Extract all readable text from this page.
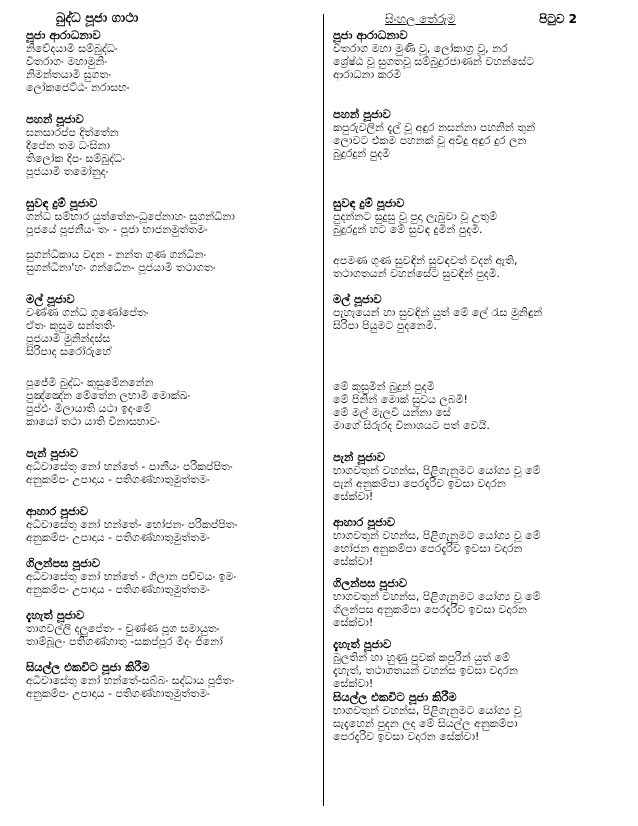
බුද්ධ පූජා ගාථා
පූජා ආරාධනාව
නිවේදයාමි සම්බුද්ධං
විතරාගං මහාමුනිං
නිමන්තයාමි සුගතං
ලෝකජෙට්ඨං නරාසභං
පහන් පූජාව
ඝනසාරප්ප දිත්තේන
දීපේන තම ධංසිනා
තිලෝක දීපං සම්බුද්ධං
පූජයාමි තමෝනුදං
සුවඳ දුම් පූජාව
ගන්ධ සම්භාර යුත්තේන-ධූපේනාහං සුගන්ධිනා
පූජයේ පූජනීයං තං - පූජා භාජනමුත්තමං
සුගන්ධිකාය වදන - නන්ත ගුණ ගන්ධිනං
සුගන්ධිනා'හං ගන්ධේන- පූජයාමි තථාගතං
මල් පූජාව
වණ්ණ ගන්ධ ගුණෝපේතං
ඒතං කුසුම සන්තතිං
පූජයාමි මුනින්දස්ස
සිරිපාද සරෝරුහේ
පූජේමි බුද්ධං කුසුමේනනේන
පුඤ්ඤේන මේතේන ලභාමි මොක්ඛං
පුප්ඵං මිලායාති යථා ඉදංමේ
කායෝ තථා යාති විනාසභාවං
පැන් පූජාව
අධිවාසේතු නෝ භන්තේ - පානීයං පරිකප්පිතං
අනුකම්පං උපාදාය - පතිගණ්හාතුමුත්තමං
ආහාර පූජාව
අධිවාසේතු නෝ භන්තේ- භෝජනං පරිකප්පිතං
අනුකම්පං උපාදාය - පතිගණ්හාතුමුත්තමං
ගිලන්පස පූජාව
අධිවාසේතු නෝ භන්තේ - ගිලාන පච්චයං ඉමං
අනුකම්පං උපාදාය - පතිගණ්හාතුමුත්තමං
දැහැත් පූජාව
තාගවල්ලි දලුපේතං - චුණ්ණ පූග සමායුතං
තාම්බූලං පතිගණ්හාතු -සකප්පූර මිදං ජිනෝ
සියල්ල එකවිට පූජා කිරීම
අධිවාසේතු නෝ භන්තේ-සබ්බං සද්ධාය පූජිතං
අනුකම්පං උපාදාය - පතිගණ්හාතුමුත්තමං
සිංහල තේරුම	පිටුව 2
පූජා ආරාධනාව
විතරාග මහා මුණි වූ, ලෝකාග්‍ර වූ, නර
ශ්‍රේෂ්ඨ වූ සුගතවූ සම්බුදුරජාණන් වහන්සේට
ආරාධනා කරමි
පහන් පූජාව
කපුරුවලින් දැල් වූ අඳුර නසන්නා පහනින් තුන්
ලොවට එකම පහනක් වූ අවිදු අඳුර දුර ලන
බුදුරදුන් පුදමි
සුවඳ දුම් පූජාව
පුදන්නට සුදුසු වූ පුදා ලැබුවා වූ උතුම්
බුදුරදුන් හට මේ සුවඳ දුමින් පුදමි.
අපමණ ගුණ සුවඳින් සුවඳවත් වදන් ඇති,
තථාගතයන් වහන්සේට සුවඳින් පුදමි.
මල් පූජාව
පැහැයෙන් හා සුවඳින් යුත් මේ ලේ රැස මුනිඳුන්
සිරිපා පියුමට පුදනෙමි.
මේ කුසුමින් බුදුන් පුදමි
මේ පිනින් මොක් සුවය ලබමි!
මේ මල් මැලවී යන්නා සේ
මාගේ සිරුරද විනාශයට පත් වෙයි.
පැන් පූජාව
භාගවතුන් වහන්ස, පිළිගැනුමට යෝග්‍ය වූ මේ
පැන් අනුකම්පා පෙරදැරිව ඉවසා වදාරන
සේක්වා!
ආහාර පූජාව
භාගවතුන් වහන්ස, පිළිගැනුමට යෝග්‍ය වූ මේ
භෝජන අනුකම්පා පෙරදැරිව ඉවසා වදාරන
සේක්වා!
ගිලන්පස පූජාව
භාගවතුන් වහන්ස, පිළිගැනුමට යෝග්‍ය වූ මේ
ගිලන්පස අනුකම්පා පෙරදැරිව ඉවසා වදාරන
සේක්වා!
දැහැත් පූජාව
බුලතින් හා හුණු පුවක් කපුරින් යුත් මේ
දැහැත්, තථාගතයන් වහන්ස ඉවසා වදාරන
සේක්වා!
සියල්ල එකවිට පූජා කිරීම
භාගවතුන් වහන්ස, පිළිගැනුමට යෝග්‍ය වූ
සැදැහෙන් පුදන ලද මේ සියල්ල අනුකම්පා
පෙරදැරිව ඉවසා වදාරන සේක්වා!
